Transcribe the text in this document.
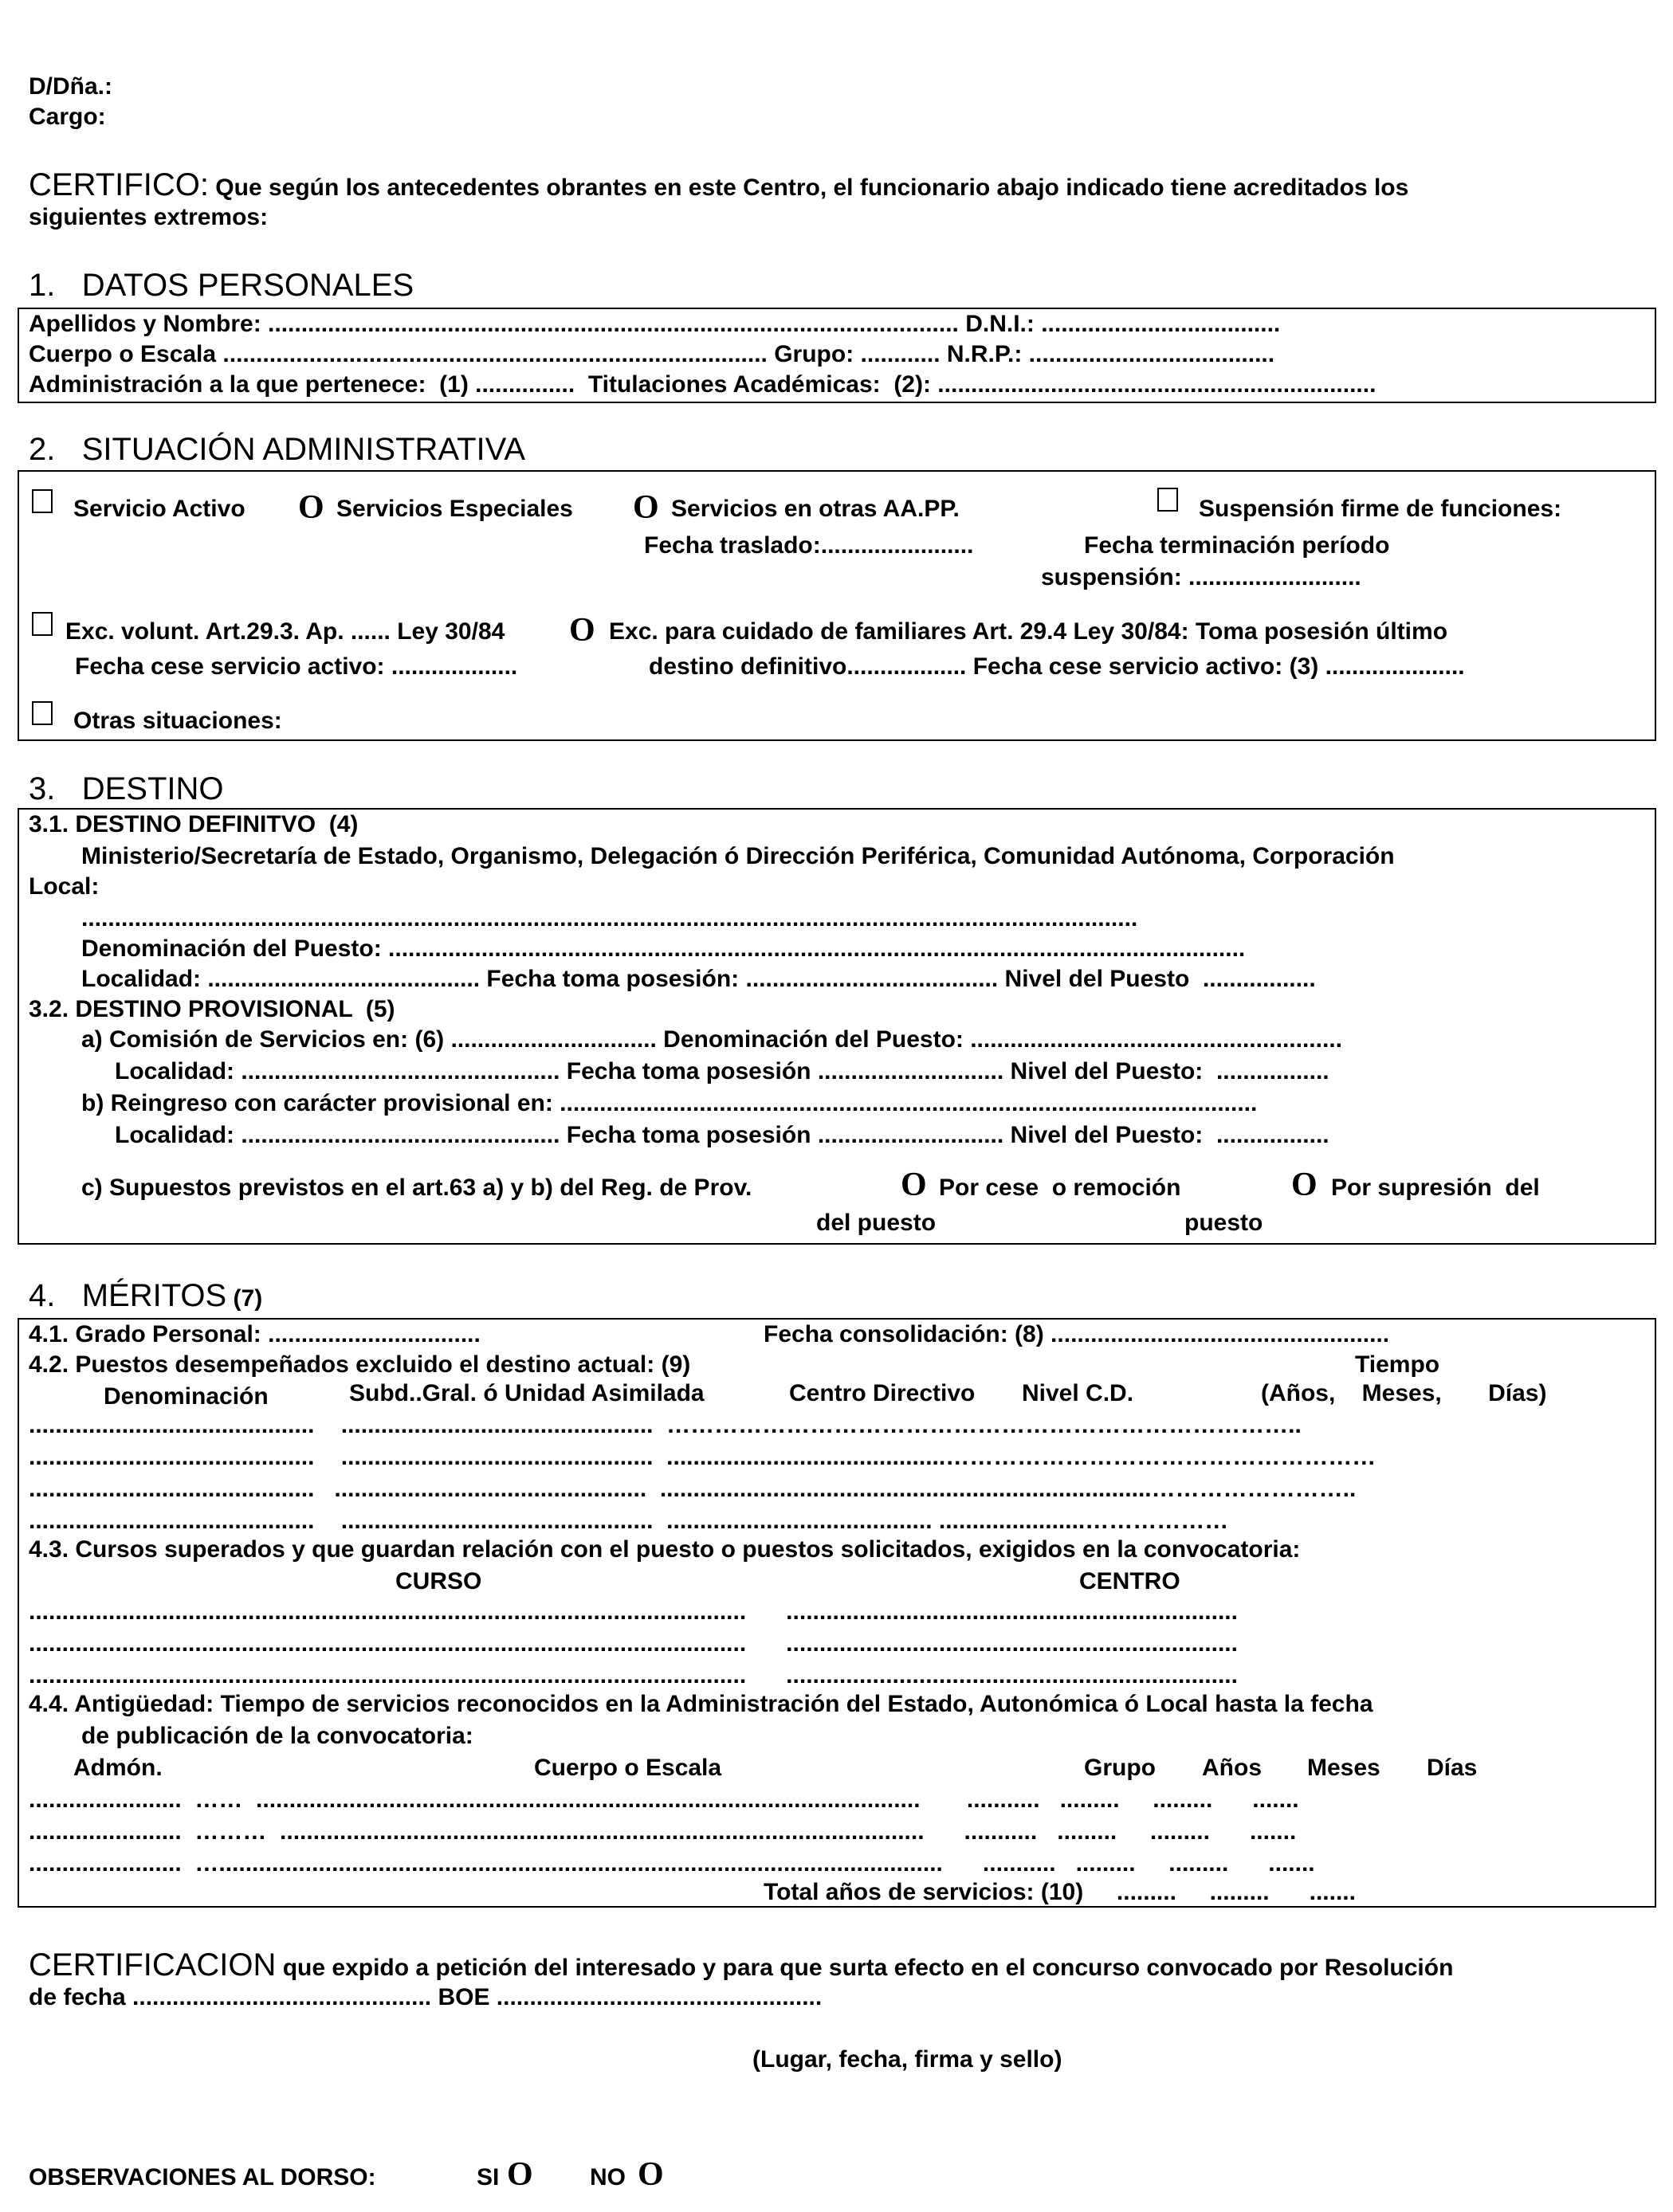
D/Dña.:
Cargo:
CERTIFICO: Que según los antecedentes obrantes en este Centro, el funcionario abajo indicado tiene acreditados los
siguientes extremos:
1.   DATOS PERSONALES
Apellidos y Nombre: ........................................................................................................ D.N.I.: ....................................
Cuerpo o Escala .................................................................................. Grupo: ............ N.R.P.: .....................................
Administración a la que pertenece:  (1) ...............  Titulaciones Académicas:  (2): ..................................................................
2.   SITUACIÓN ADMINISTRATIVA
Servicio Activo O Servicios Especiales O Servicios en otras AA.PP.	Suspensión firme de funciones:
Fecha traslado:.......................	Fecha terminación período
suspensión: ..........................
Exc. volunt. Art.29.3. Ap. ...... Ley 30/84 O Exc. para cuidado de familiares Art. 29.4 Ley 30/84: Toma posesión último
Fecha cese servicio activo: ...................	destino definitivo.................. Fecha cese servicio activo: (3) .....................
Otras situaciones:
3.   DESTINO
3.1. DESTINO DEFINITVO  (4)
Ministerio/Secretaría de Estado, Organismo, Delegación ó Dirección Periférica, Comunidad Autónoma, Corporación
Local:
...............................................................................................................................................................
Denominación del Puesto: .................................................................................................................................
Localidad: ......................................... Fecha toma posesión: ...................................... Nivel del Puesto  .................
3.2. DESTINO PROVISIONAL  (5)
a) Comisión de Servicios en: (6) ............................... Denominación del Puesto: ........................................................
Localidad: ................................................ Fecha toma posesión ............................ Nivel del Puesto:  .................
b) Reingreso con carácter provisional en: .........................................................................................................
Localidad: ................................................ Fecha toma posesión ............................ Nivel del Puesto:  .................
c) Supuestos previstos en el art.63 a) y b) del Reg. de Prov.	O Por cese  o remoción
del puesto
O Por supresión  del
puesto
4.   MÉRITOS (7)
4.1. Grado Personal: ................................	Fecha consolidación: (8) ...................................................
4.2. Puestos desempeñados excluido el destino actual: (9)	Tiempo
Denominación	Subd..Gral. ó Unidad Asimilada	Centro Directivo Nivel C.D.	(Años,    Meses,       Días)
...........................................    ...............................................  ……………………………………………………………………..
...........................................    ...............................................  ..........................................………………………………………………
...........................................   ...............................................  ..........................................................................……………………..
...........................................    ...............................................  ........................................ ......................………………
4.3. Cursos superados y que guardan relación con el puesto o puestos solicitados, exigidos en la convocatoria:
CURSO	CENTRO
............................................................................................................      ....................................................................
............................................................................................................      ....................................................................
............................................................................................................      ....................................................................
4.4. Antigüedad: Tiempo de servicios reconocidos en la Administración del Estado, Autonómica ó Local hasta la fecha
de publicación de la convocatoria:
Admón.	Cuerpo o Escala	Grupo Años Meses Días
.......................  ……  ....................................................................................................       ...........   .........     .........      .......
.......................  ………  .................................................................................................      ...........   .........     .........      .......
.......................  ….............................................................................................................      ...........   .........     .........      .......
Total años de servicios: (10)     .........     .........      .......
CERTIFICACION que expido a petición del interesado y para que surta efecto en el concurso convocado por Resolución
de fecha ............................................. BOE .................................................
(Lugar, fecha, firma y sello)
OBSERVACIONES AL DORSO:	SI O NO O
